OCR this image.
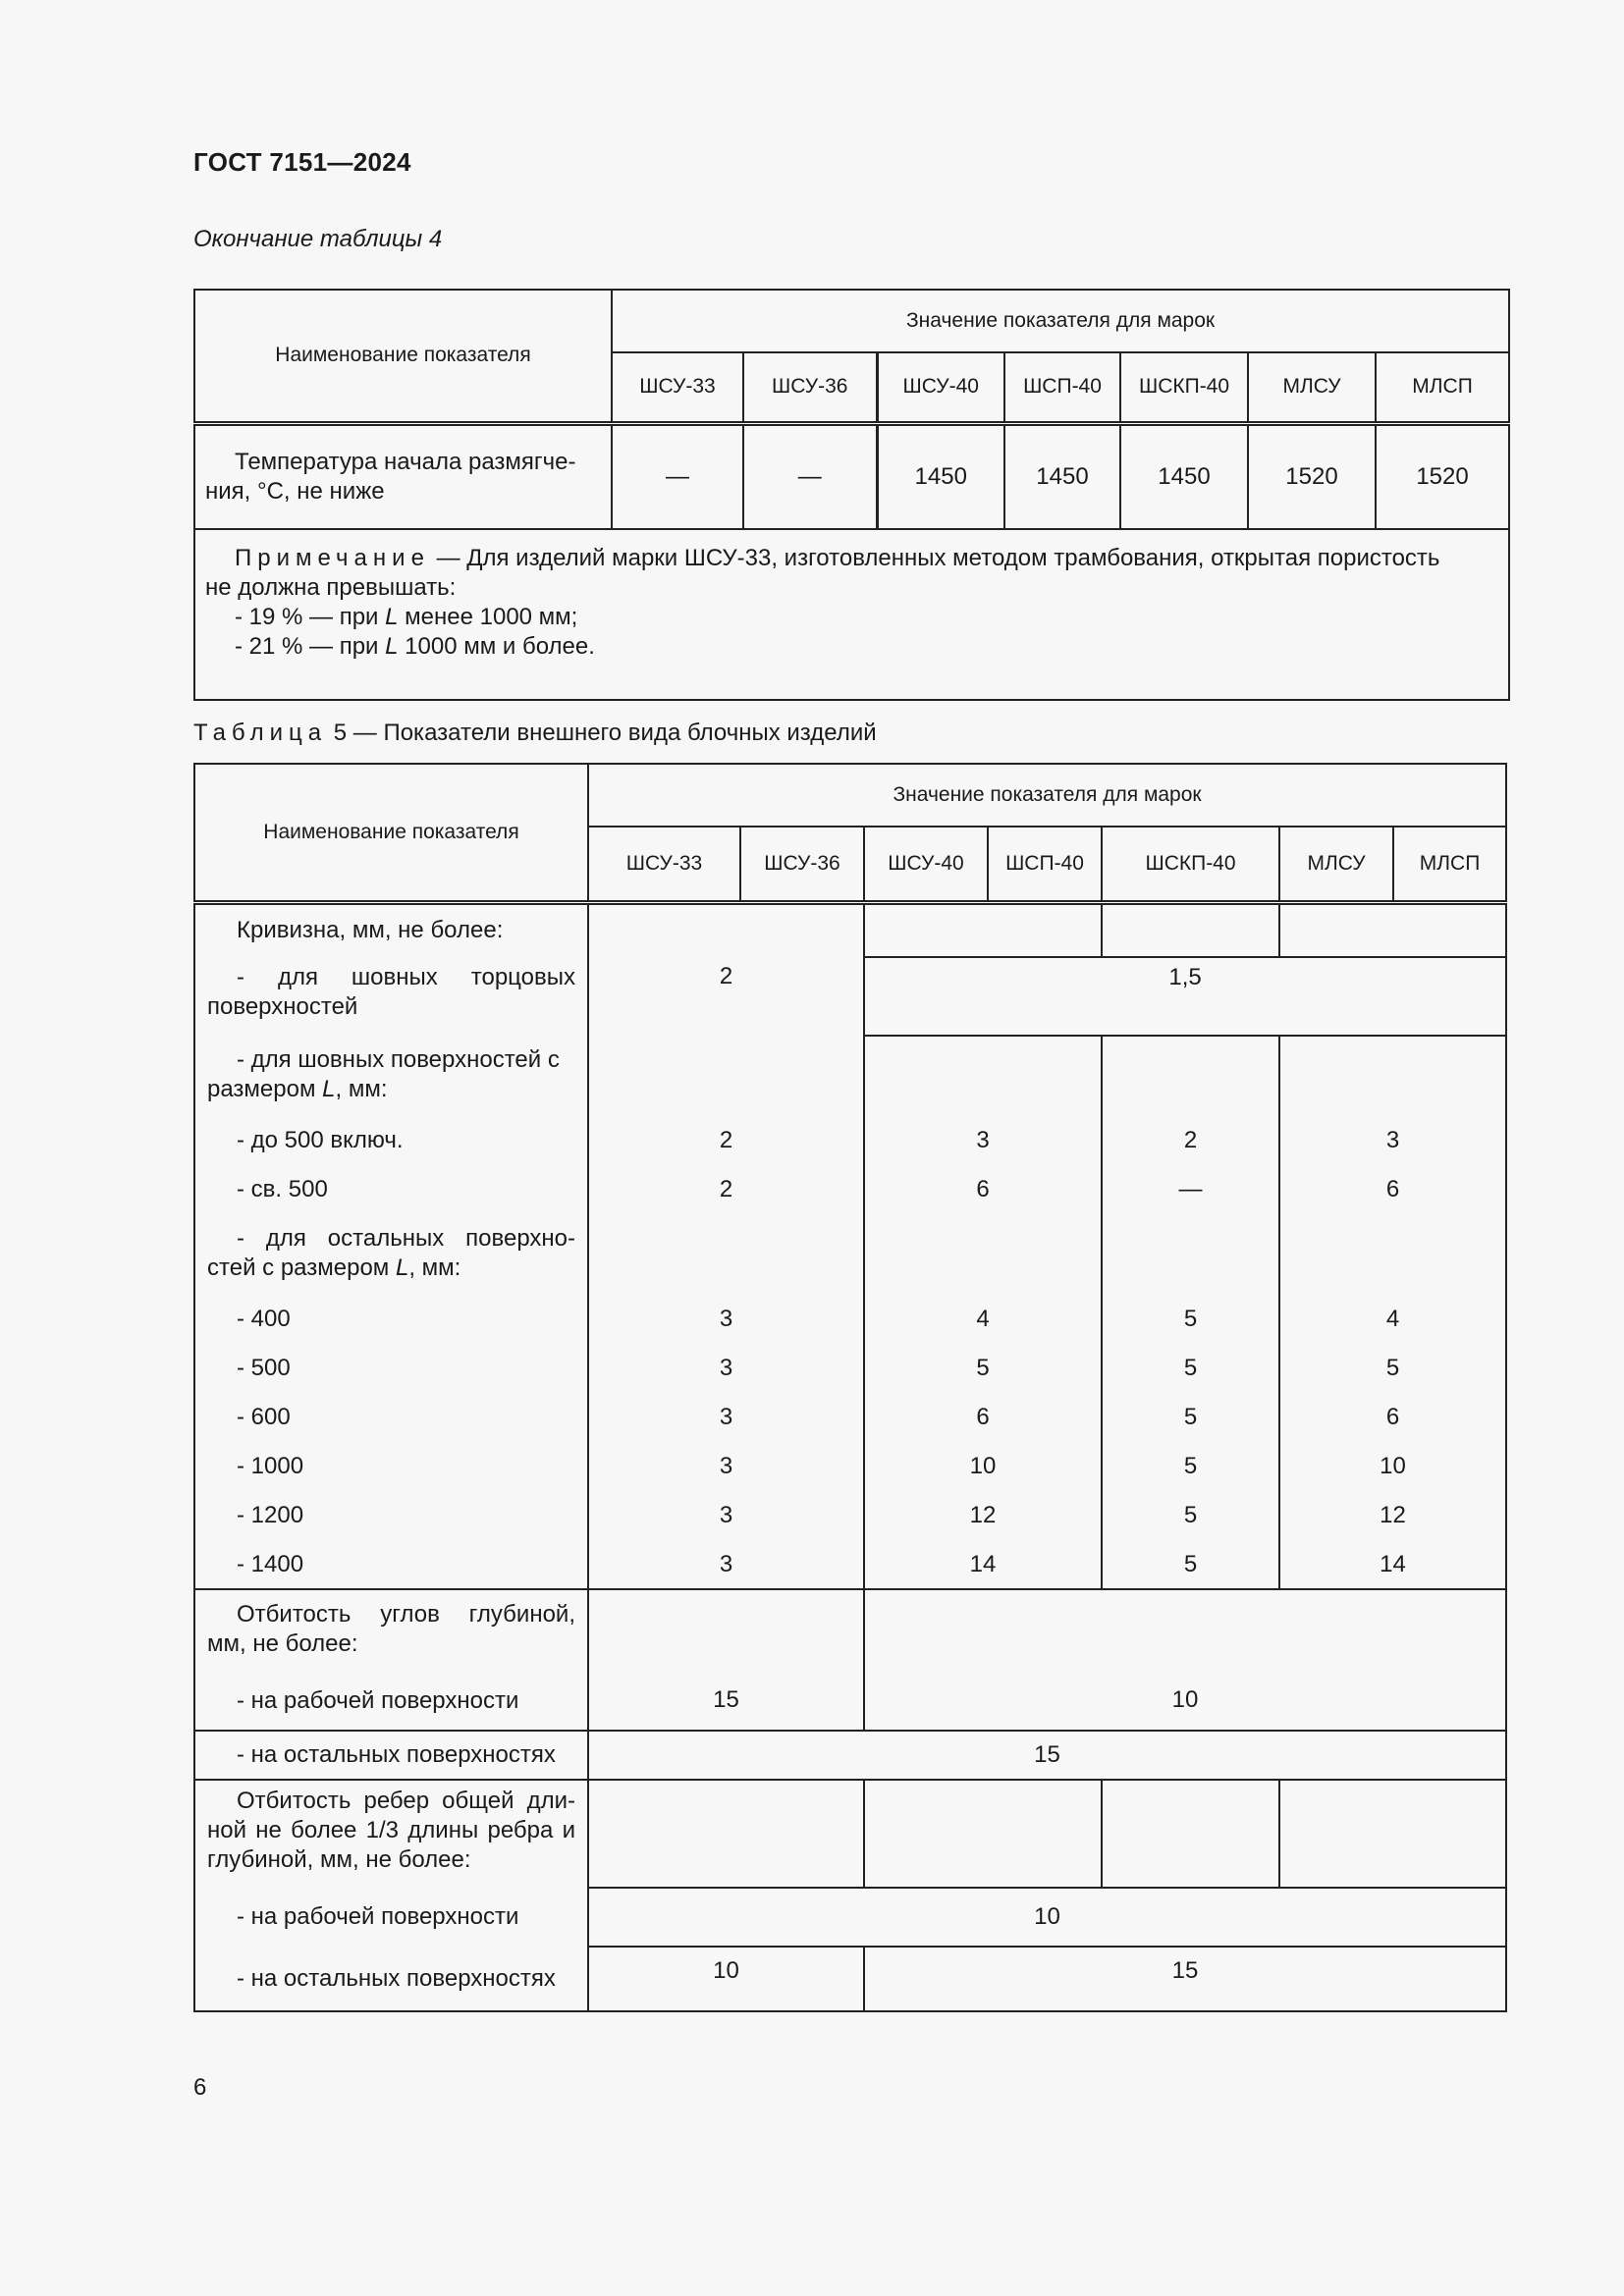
ГОСТ 7151—2024
Окончание таблицы 4
Наименование показателя	Значение показателя для марок						
	ШСУ-33	ШСУ-36	ШСУ-40	ШСП-40	ШСКП-40	МЛСУ	МЛСП
Температура начала размягче-
ния, °С, не ниже	—	—	1450	1450	1450	1520	1520

Примечание — Для изделий марки ШСУ-33, изготовленных методом трамбования, открытая пористость
не должна превышать:
- 19 % — при L менее 1000 мм;
- 21 % — при L 1000 мм и более.							
Таблица 5 — Показатели внешнего вида блочных изделий
Наименование показателя	Значение показателя для марок						
	ШСУ-33	ШСУ-36	ШСУ-40	ШСП-40	ШСКП-40	МЛСУ	МЛСП
Кривизна, мм, не более:							

- для шовных торцовых
поверхностей	2		1,5				

- для шовных поверхностей с
размером L, мм:							

- до 500 включ.	2		3		2	3	
- св. 500	2		6		—	6	

- для остальных поверхно-
стей с размером L, мм:							

- 400	3		4		5	4	
- 500	3		5		5	5	
- 600	3		6		5	6	
- 1000	3		10		5	10	
- 1200	3		12		5	12	
- 1400	3		14		5	14	

Отбитость углов глубиной,
мм, не более:
- на рабочей поверхности	15		10				
- на остальных поверхностях	15						

Отбитость ребер общей дли-
ной не более 1/3 длины ребра и
глубиной, мм, не более:							

- на рабочей поверхности	10						
- на остальных поверхностях	10		15				
6
